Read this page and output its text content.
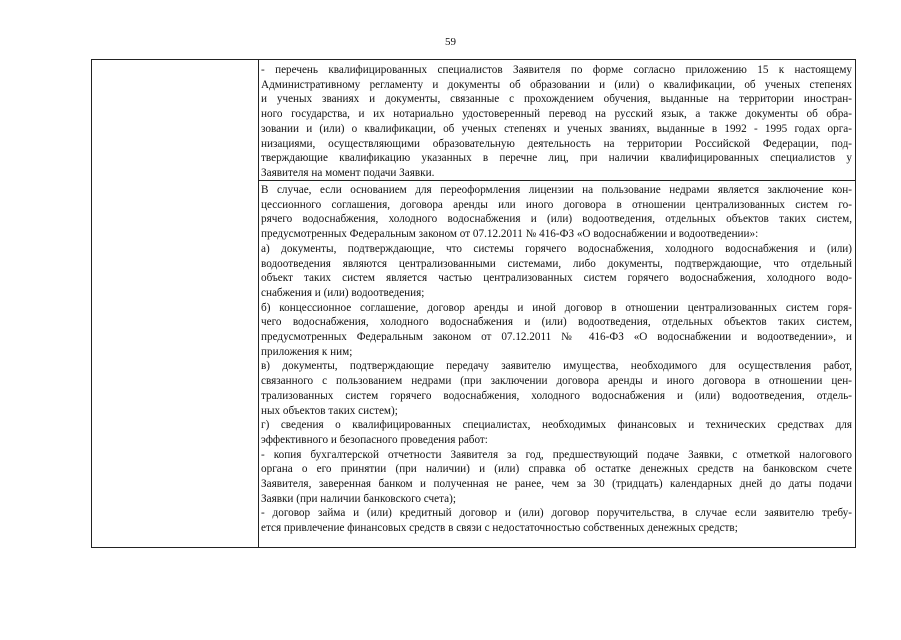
59
- перечень квалифицированных специалистов Заявителя по форме согласно приложению 15 к настоящему
Административному регламенту и документы об образовании и (или) о квалификации, об ученых степенях
и ученых званиях и документы, связанные с прохождением обучения, выданные на территории иностран-
ного государства, и их нотариально удостоверенный перевод на русский язык, а также документы об обра-
зовании и (или) о квалификации, об ученых степенях и ученых званиях, выданные в 1992 - 1995 годах орга-
низациями, осуществляющими образовательную деятельность на территории Российской Федерации, под-
тверждающие квалификацию указанных в перечне лиц, при наличии квалифицированных специалистов у
Заявителя на момент подачи Заявки.
В случае, если основанием для переоформления лицензии на пользование недрами является заключение кон-
цессионного соглашения, договора аренды или иного договора в отношении централизованных систем го-
рячего водоснабжения, холодного водоснабжения и (или) водоотведения, отдельных объектов таких систем,
предусмотренных Федеральным законом от 07.12.2011 № 416-ФЗ «О водоснабжении и водоотведении»:
а) документы, подтверждающие, что системы горячего водоснабжения, холодного водоснабжения и (или)
водоотведения являются централизованными системами, либо документы, подтверждающие, что отдельный
объект таких систем является частью централизованных систем горячего водоснабжения, холодного водо-
снабжения и (или) водоотведения;
б) концессионное соглашение, договор аренды и иной договор в отношении централизованных систем горя-
чего водоснабжения, холодного водоснабжения и (или) водоотведения, отдельных объектов таких систем,
предусмотренных Федеральным законом от 07.12.2011 № 416-ФЗ «О водоснабжении и водоотведении», и
приложения к ним;
в) документы, подтверждающие передачу заявителю имущества, необходимого для осуществления работ,
связанного с пользованием недрами (при заключении договора аренды и иного договора в отношении цен-
трализованных систем горячего водоснабжения, холодного водоснабжения и (или) водоотведения, отдель-
ных объектов таких систем);
г) сведения о квалифицированных специалистах, необходимых финансовых и технических средствах для
эффективного и безопасного проведения работ:
- копия бухгалтерской отчетности Заявителя за год, предшествующий подаче Заявки, с отметкой налогового
органа о его принятии (при наличии) и (или) справка об остатке денежных средств на банковском счете
Заявителя, заверенная банком и полученная не ранее, чем за 30 (тридцать) календарных дней до даты подачи
Заявки (при наличии банковского счета);
- договор займа и (или) кредитный договор и (или) договор поручительства, в случае если заявителю требу-
ется привлечение финансовых средств в связи с недостаточностью собственных денежных средств;
